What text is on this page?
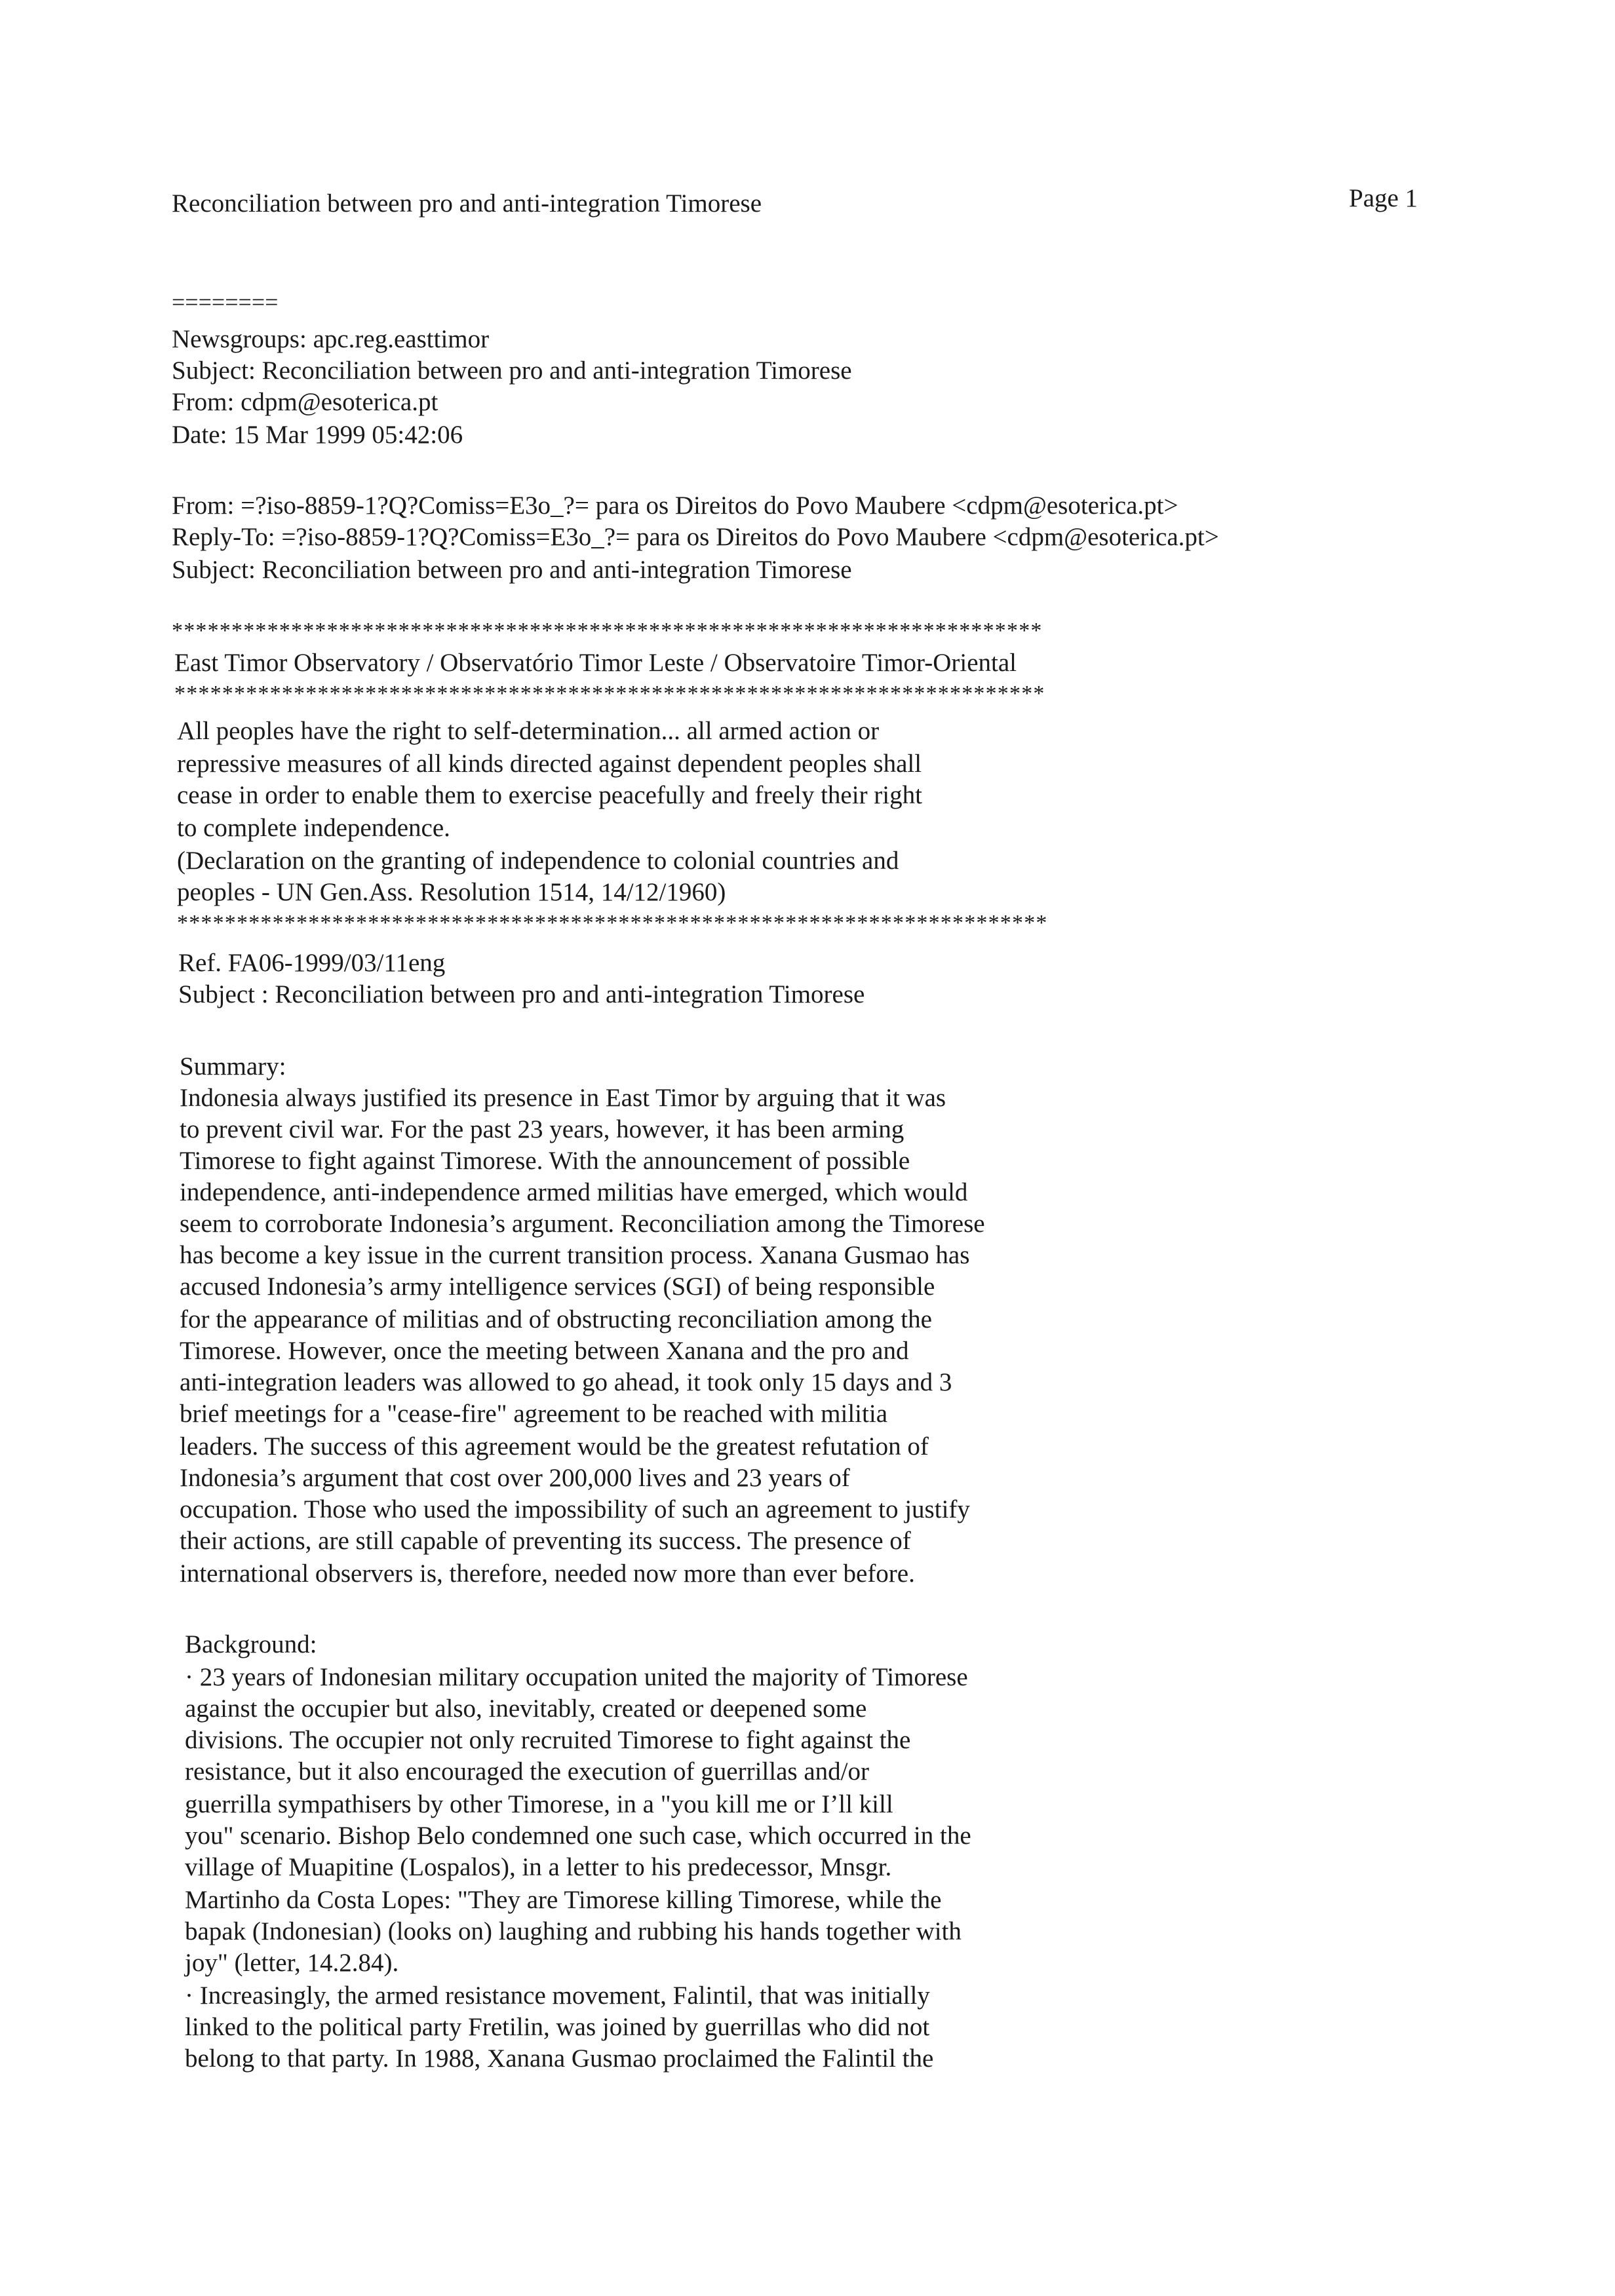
Reconciliation between pro and anti-integration Timorese	Page 1
========
Newsgroups: apc.reg.easttimor
Subject: Reconciliation between pro and anti-integration Timorese
From: cdpm@esoterica.pt
Date: 15 Mar 1999 05:42:06
From: =?iso-8859-1?Q?Comiss=E3o_?= para os Direitos do Povo Maubere <cdpm@esoterica.pt>
Reply-To: =?iso-8859-1?Q?Comiss=E3o_?= para os Direitos do Povo Maubere <cdpm@esoterica.pt>
Subject: Reconciliation between pro and anti-integration Timorese
*************************************************************************
East Timor Observatory / Observatório Timor Leste / Observatoire Timor-Oriental
*************************************************************************
All peoples have the right to self-determination... all armed action or
repressive measures of all kinds directed against dependent peoples shall
cease in order to enable them to exercise peacefully and freely their right
to complete independence.
(Declaration on the granting of independence to colonial countries and
peoples - UN Gen.Ass. Resolution 1514, 14/12/1960)
*************************************************************************
Ref. FA06-1999/03/11eng
Subject : Reconciliation between pro and anti-integration Timorese
Summary:
Indonesia always justified its presence in East Timor by arguing that it was
to prevent civil war. For the past 23 years, however, it has been arming
Timorese to fight against Timorese. With the announcement of possible
independence, anti-independence armed militias have emerged, which would
seem to corroborate Indonesia’s argument. Reconciliation among the Timorese
has become a key issue in the current transition process. Xanana Gusmao has
accused Indonesia’s army intelligence services (SGI) of being responsible
for the appearance of militias and of obstructing reconciliation among the
Timorese. However, once the meeting between Xanana and the pro and
anti-integration leaders was allowed to go ahead, it took only 15 days and 3
brief meetings for a "cease-fire" agreement to be reached with militia
leaders. The success of this agreement would be the greatest refutation of
Indonesia’s argument that cost over 200,000 lives and 23 years of
occupation. Those who used the impossibility of such an agreement to justify
their actions, are still capable of preventing its success. The presence of
international observers is, therefore, needed now more than ever before.
Background:
· 23 years of Indonesian military occupation united the majority of Timorese
against the occupier but also, inevitably, created or deepened some
divisions. The occupier not only recruited Timorese to fight against the
resistance, but it also encouraged the execution of guerrillas and/or
guerrilla sympathisers by other Timorese, in a "you kill me or I’ll kill
you" scenario. Bishop Belo condemned one such case, which occurred in the
village of Muapitine (Lospalos), in a letter to his predecessor, Mnsgr.
Martinho da Costa Lopes: "They are Timorese killing Timorese, while the
bapak (Indonesian) (looks on) laughing and rubbing his hands together with
joy" (letter, 14.2.84).
· Increasingly, the armed resistance movement, Falintil, that was initially
linked to the political party Fretilin, was joined by guerrillas who did not
belong to that party. In 1988, Xanana Gusmao proclaimed the Falintil the
